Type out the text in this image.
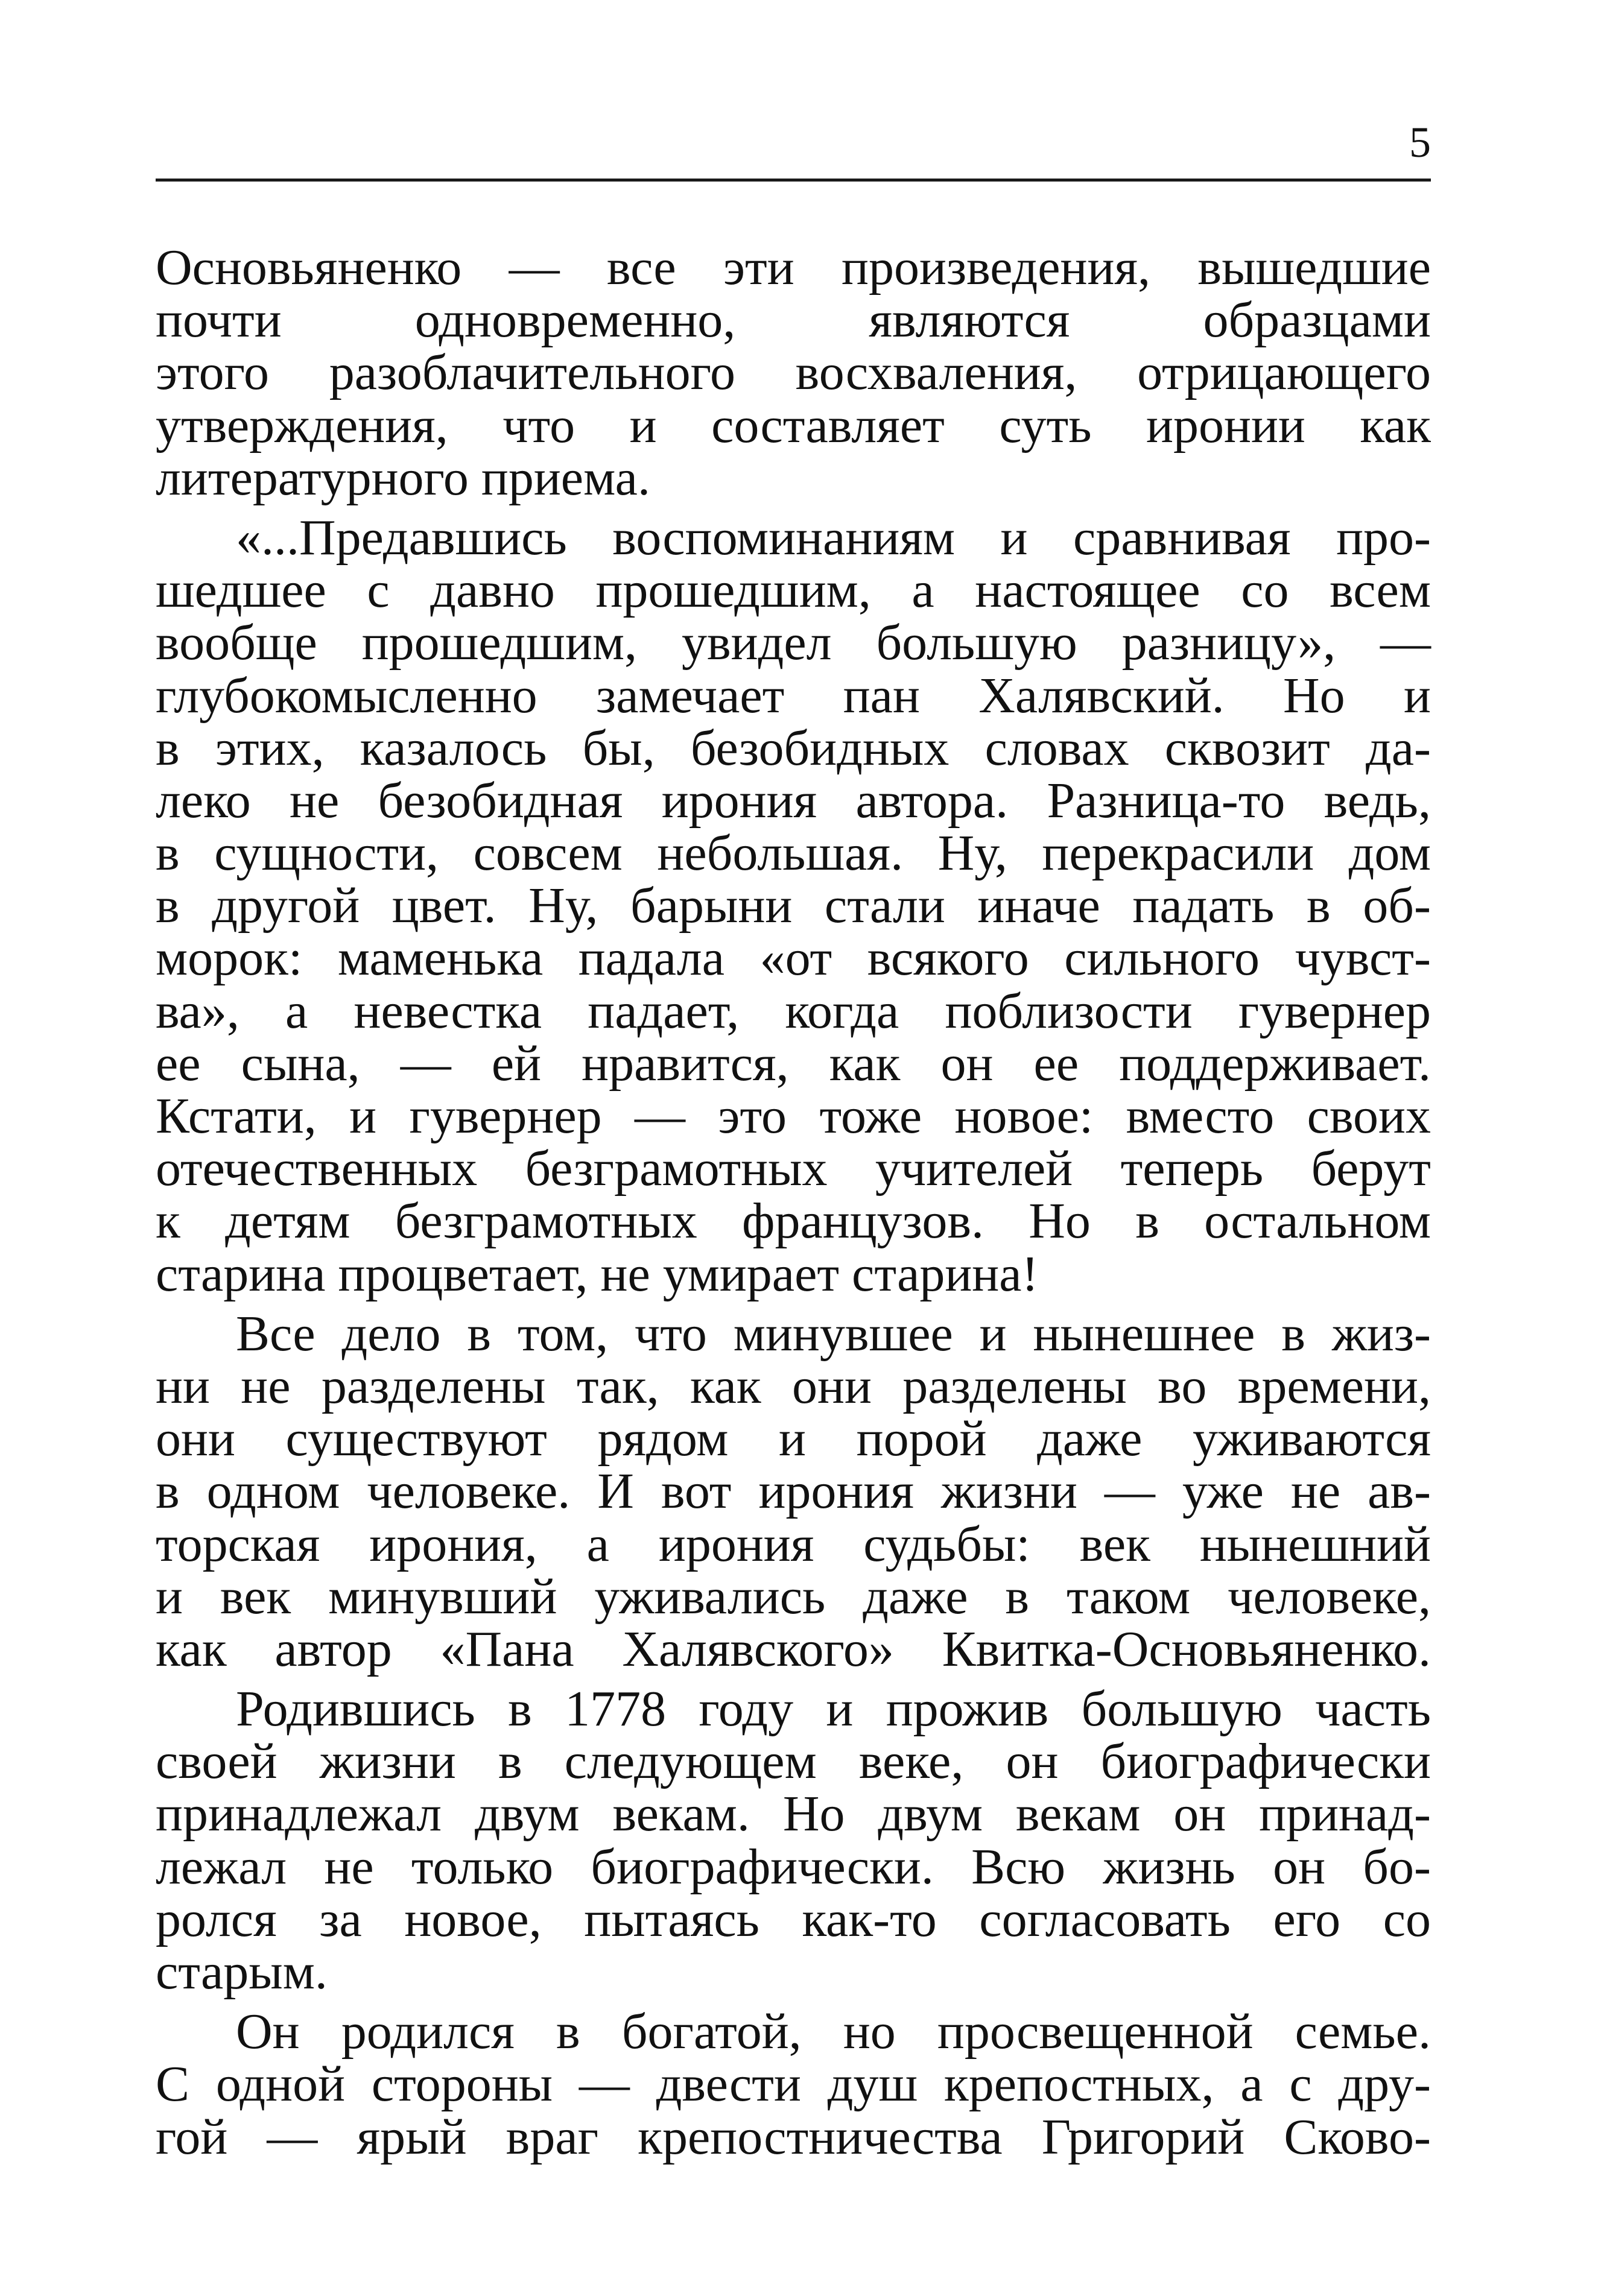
5
Основьяненко — все эти произведения, вышедшие
почти одновременно, являются образцами
этого разоблачительного восхваления, отрицающего
утверждения, что и составляет суть иронии как
литературного приема.
«...Предавшись воспоминаниям и сравнивая про-
шедшее с давно прошедшим, а настоящее со всем
вообще прошедшим, увидел большую разницу», —
глубокомысленно замечает пан Халявский. Но и
в этих, казалось бы, безобидных словах сквозит да-
леко не безобидная ирония автора. Разница-то ведь,
в сущности, совсем небольшая. Ну, перекрасили дом
в другой цвет. Ну, барыни стали иначе падать в об-
морок: маменька падала «от всякого сильного чувст-
ва», а невестка падает, когда поблизости гувернер
ее сына, — ей нравится, как он ее поддерживает.
Кстати, и гувернер — это тоже новое: вместо своих
отечественных безграмотных учителей теперь берут
к детям безграмотных французов. Но в остальном
старина процветает, не умирает старина!
Все дело в том, что минувшее и нынешнее в жиз-
ни не разделены так, как они разделены во времени,
они существуют рядом и порой даже уживаются
в одном человеке. И вот ирония жизни — уже не ав-
торская ирония, а ирония судьбы: век нынешний
и век минувший уживались даже в таком человеке,
как автор «Пана Халявского» Квитка-Основьяненко.
Родившись в 1778 году и прожив большую часть
своей жизни в следующем веке, он биографически
принадлежал двум векам. Но двум векам он принад-
лежал не только биографически. Всю жизнь он бо-
ролся за новое, пытаясь как-то согласовать его со
старым.
Он родился в богатой, но просвещенной семье.
С одной стороны — двести душ крепостных, а с дру-
гой — ярый враг крепостничества Григорий Сково-
